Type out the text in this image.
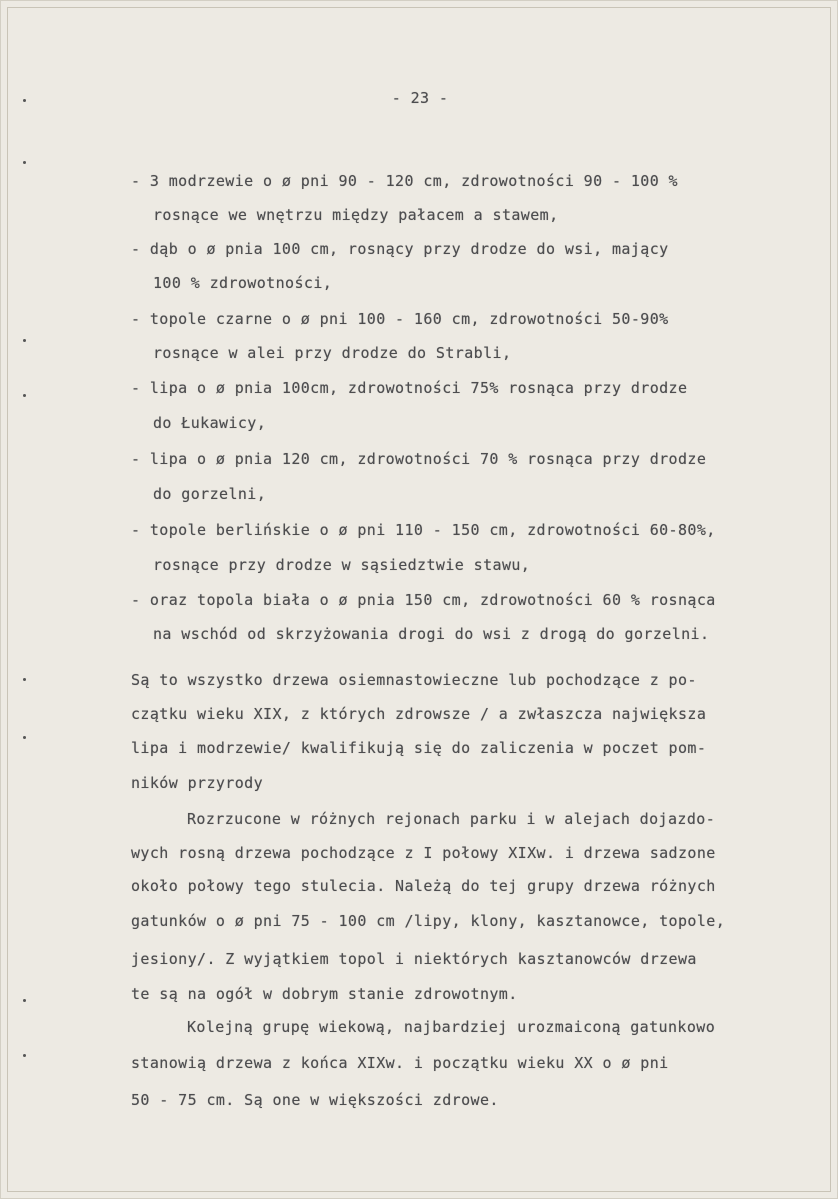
- 23 -
- 3 modrzewie o ø pni 90 - 120 cm, zdrowotności 90 - 100 %
rosnące we wnętrzu między pałacem a stawem,
- dąb o ø pnia 100 cm, rosnący przy drodze do wsi, mający
100 % zdrowotności,
- topole czarne o ø pni 100 - 160 cm, zdrowotności 50-90%
rosnące w alei przy drodze do Strabli,
- lipa o ø pnia 100cm, zdrowotności 75% rosnąca przy drodze
do Łukawicy,
- lipa o ø pnia 120 cm, zdrowotności 70 % rosnąca przy drodze
do gorzelni,
- topole berlińskie o ø pni 110 - 150 cm, zdrowotności 60-80%,
rosnące przy drodze w sąsiedztwie stawu,
- oraz topola biała o ø pnia 150 cm, zdrowotności 60 % rosnąca
na wschód od skrzyżowania drogi do wsi z drogą do gorzelni.
Są to wszystko drzewa osiemnastowieczne lub pochodzące z po-
czątku wieku XIX, z których zdrowsze / a zwłaszcza największa
lipa i modrzewie/ kwalifikują się do zaliczenia w poczet pom-
ników przyrody
Rozrzucone w różnych rejonach parku i w alejach dojazdo-
wych rosną drzewa pochodzące z I połowy XIXw. i drzewa sadzone
około połowy tego stulecia. Należą do tej grupy drzewa różnych
gatunków o ø pni 75 - 100 cm /lipy, klony, kasztanowce, topole,
jesiony/. Z wyjątkiem topol i niektórych kasztanowców drzewa
te są na ogół w dobrym stanie zdrowotnym.
Kolejną grupę wiekową, najbardziej urozmaiconą gatunkowo
stanowią drzewa z końca XIXw. i początku wieku XX o ø pni
50 - 75 cm. Są one w większości zdrowe.
